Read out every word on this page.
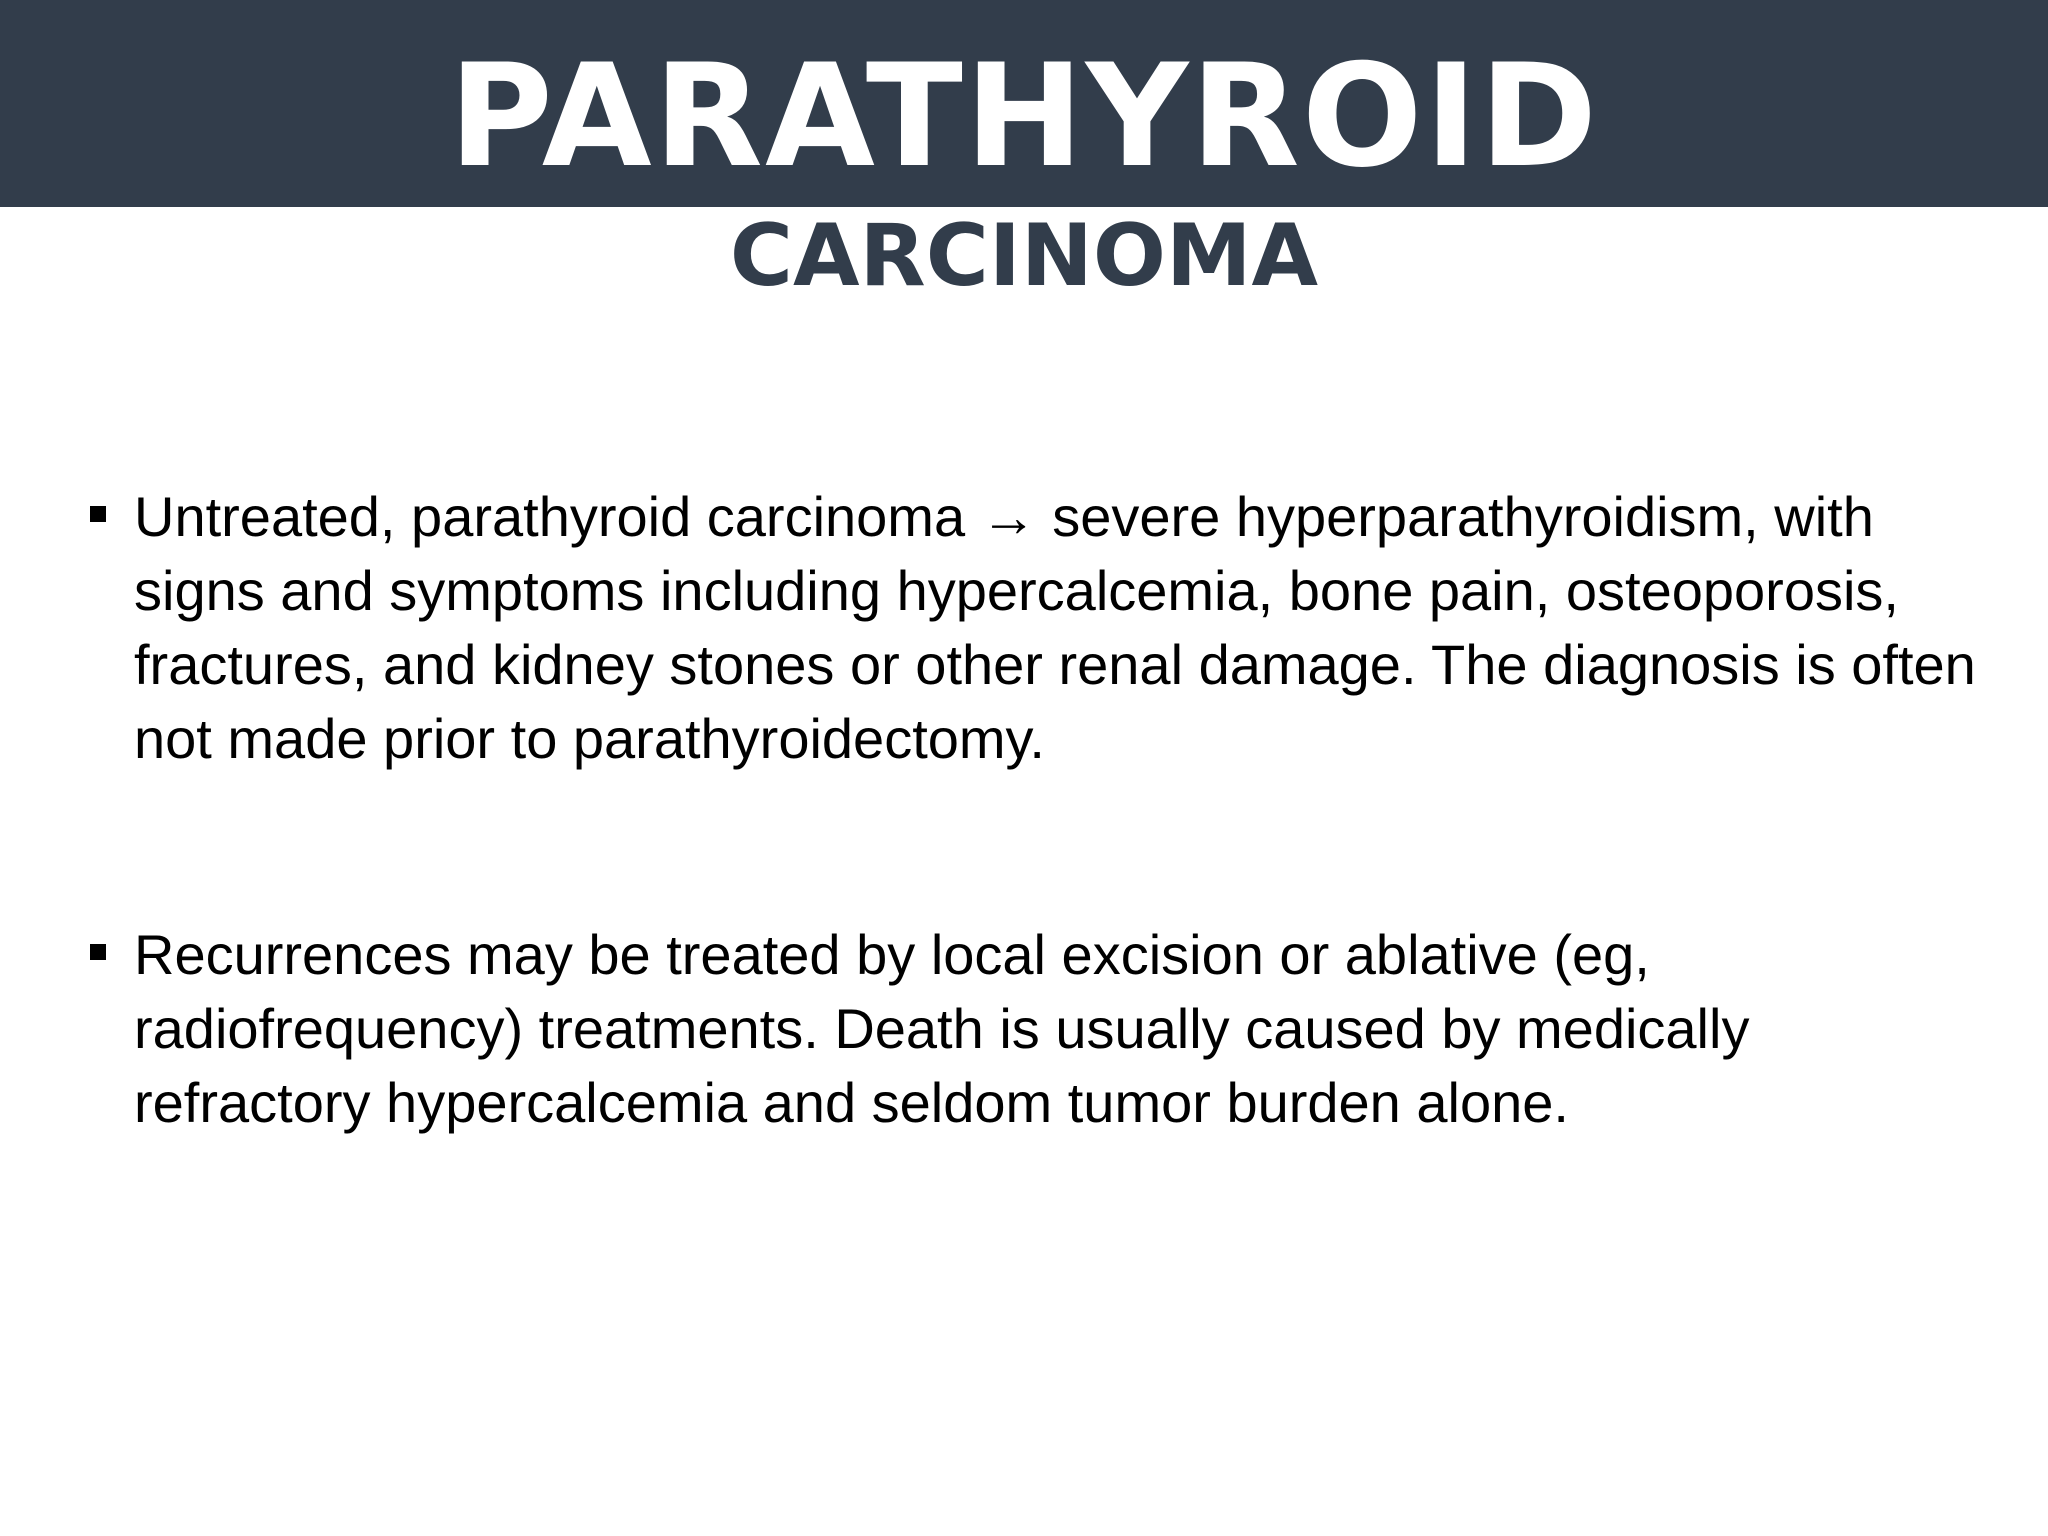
PARATHYROID
CARCINOMA
Untreated, parathyroid carcinoma → severe hyperparathyroidism, with signs and symptoms including hypercalcemia, bone pain, osteoporosis, fractures, and kidney stones or other renal damage. The diagnosis is often not made prior to parathyroidectomy.
Recurrences may be treated by local excision or ablative (eg, radiofrequency) treatments. Death is usually caused by medically refractory hypercalcemia and seldom tumor burden alone.
